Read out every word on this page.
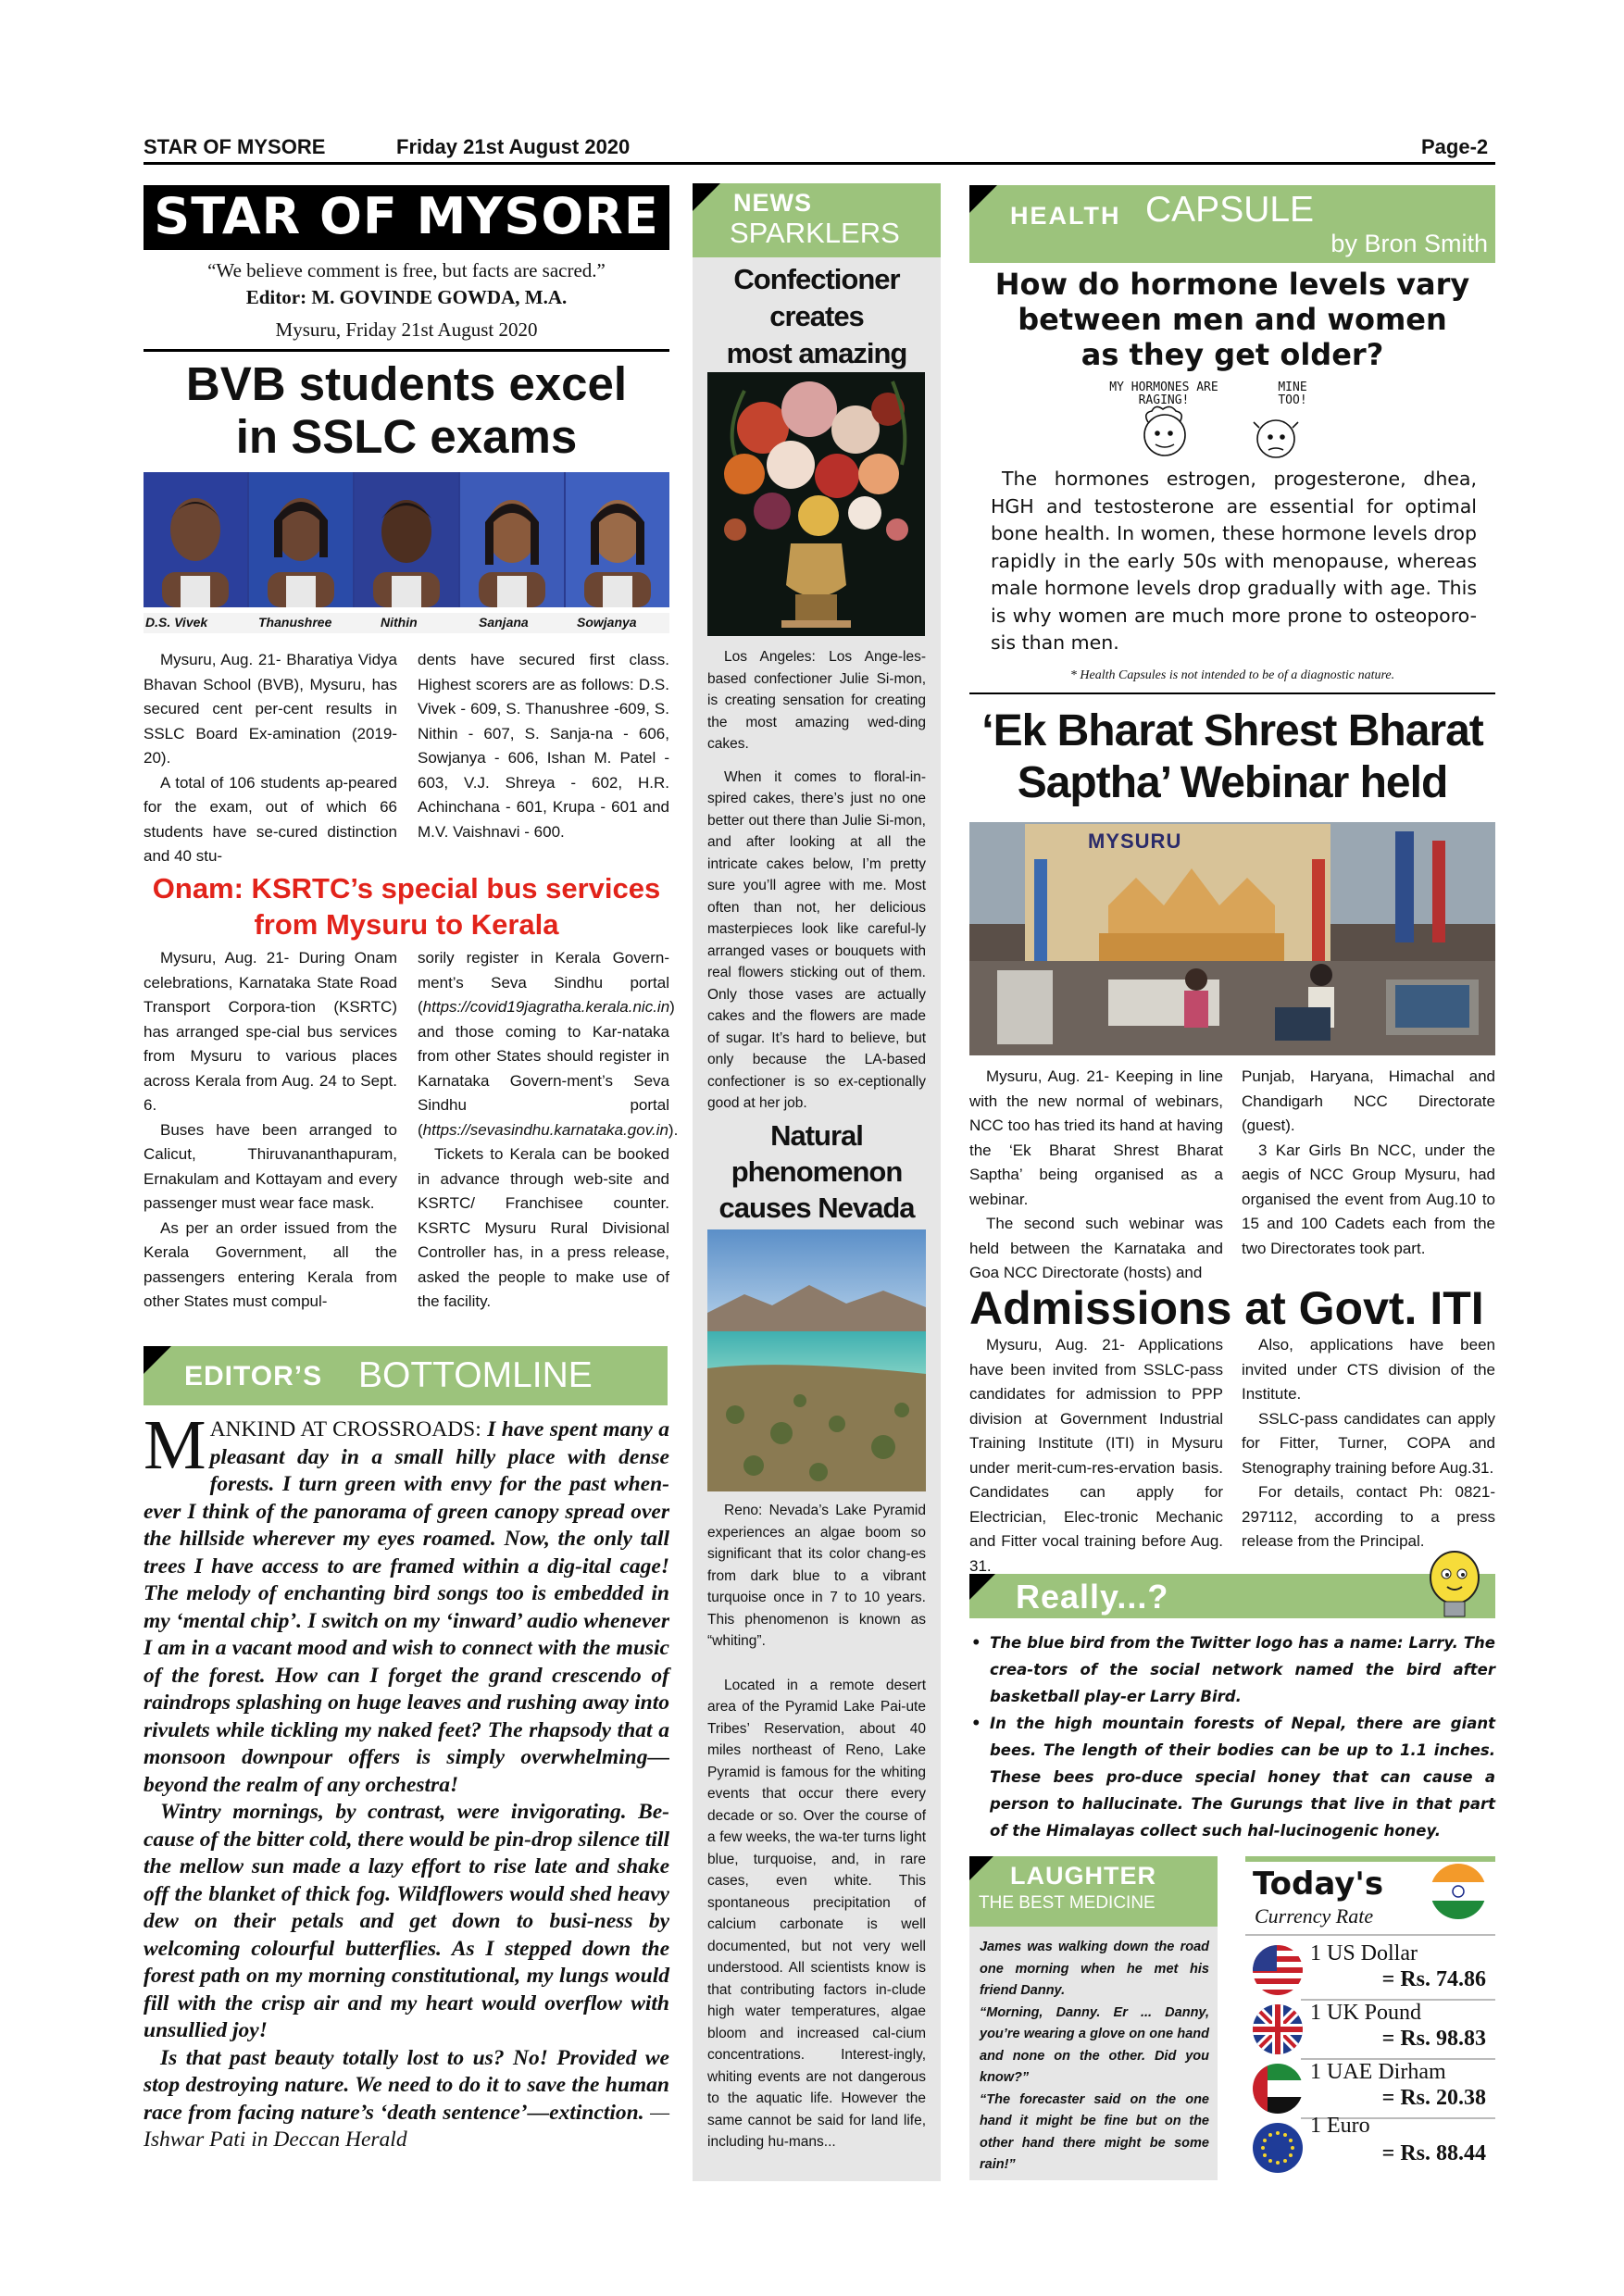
STAR OF MYSORE	Friday 21st August 2020	Page-2
STAR OF MYSORE
“We believe comment is free, but facts are sacred.”
Editor: M. GOVINDE GOWDA, M.A.
Mysuru, Friday 21st August 2020
BVB students excel
in SSLC exams
D.S. Vivek	Thanushree	Nithin	Sanjana	Sowjanya

Mysuru, Aug. 21- Bharatiya Vidya Bhavan School (BVB), Mysuru, has secured cent per-cent results in SSLC Board Ex-amination (2019-20).

A total of 106 students ap-peared for the exam, out of which 66 students have se-cured distinction and 40 stu-

dents have secured first class. Highest scorers are as follows: D.S. Vivek - 609, S. Thanushree -609, S. Nithin - 607, S. Sanja-na - 606, Sowjanya - 606, Ishan M. Patel - 603, V.J. Shreya - 602, H.R. Achinchana - 601, Krupa - 601 and M.V. Vaishnavi - 600.

Onam: KSRTC’s special bus services
from Mysuru to Kerala

Mysuru, Aug. 21- During Onam celebrations, Karnataka State Road Transport Corpora-tion (KSRTC) has arranged spe-cial bus services from Mysuru to various places across Kerala from Aug. 24 to Sept. 6.

Buses have been arranged to Calicut, Thiruvananthapuram, Ernakulam and Kottayam and every passenger must wear face mask.

As per an order issued from the Kerala Government, all the passengers entering Kerala from other States must compul-

sorily register in Kerala Govern-ment’s Seva Sindhu portal (https://covid19jagratha.kerala.nic.in) and those coming to Kar-nataka from other States should register in Karnataka Govern-ment’s Seva Sindhu portal (https://sevasindhu.karnataka.gov.in).

Tickets to Kerala can be booked in advance through web-site and KSRTC/ Franchisee counter. KSRTC Mysuru Rural Divisional Controller has, in a press release, asked the people to make use of the facility.

EDITOR’S BOTTOMLINE

MANKIND AT CROSSROADS: I have spent many a pleasant day in a small hilly place with dense forests. I turn green with envy for the past when-ever I think of the panorama of green canopy spread over the hillside wherever my eyes roamed. Now, the only tall trees I have access to are framed within a dig-ital cage! The melody of enchanting bird songs too is embedded in my ‘mental chip’. I switch on my ‘inward’ audio whenever I am in a vacant mood and wish to connect with the music of the forest. How can I forget the grand crescendo of raindrops splashing on huge leaves and rushing away into rivulets while tickling my naked feet? The rhapsody that a monsoon downpour offers is simply overwhelming—beyond the realm of any orchestra!

Wintry mornings, by contrast, were invigorating. Be-cause of the bitter cold, there would be pin-drop silence till the mellow sun made a lazy effort to rise late and shake off the blanket of thick fog. Wildflowers would shed heavy dew on their petals and get down to busi-ness by welcoming colourful butterflies. As I stepped down the forest path on my morning constitutional, my lungs would fill with the crisp air and my heart would overflow with unsullied joy!

Is that past beauty totally lost to us? No! Provided we stop destroying nature. We need to do it to save the human race from facing nature’s ‘death sentence’—extinction. — Ishwar Pati in Deccan Herald

NEWS
SPARKLERS
Confectioner creates
most amazing

Los Angeles: Los Ange-les-based confectioner Julie Si-mon, is creating sensation for creating the most amazing wed-ding cakes.

When it comes to floral-in-spired cakes, there’s just no one better out there than Julie Si-mon, and after looking at all the intricate cakes below, I’m pretty sure you’ll agree with me. Most often than not, her delicious masterpieces look like careful-ly arranged vases or bouquets with real flowers sticking out of them. Only those vases are actually cakes and the flowers are made of sugar. It’s hard to believe, but only because the LA-based confectioner is so ex-ceptionally good at her job.

Natural phenomenon
causes Nevada

Reno: Nevada’s Lake Pyramid experiences an algae boom so significant that its color chang-es from dark blue to a vibrant turquoise once in 7 to 10 years. This phenomenon is known as “whiting”.

Located in a remote desert area of the Pyramid Lake Pai-ute Tribes’ Reservation, about 40 miles northeast of Reno, Lake Pyramid is famous for the whiting events that occur there every decade or so. Over the course of a few weeks, the wa-ter turns light blue, turquoise, and, in rare cases, even white. This spontaneous precipitation of calcium carbonate is well documented, but not very well understood. All scientists know is that contributing factors in-clude high water temperatures, algae bloom and increased cal-cium concentrations. Interest-ingly, whiting events are not dangerous to the aquatic life. However the same cannot be said for land life, including hu-mans...

HEALTH CAPSULE
by Bron Smith
How do hormone levels vary
between men and women
as they get older?
MY HORMONES ARE RAGING!
MINE TOO!
The hormones estrogen, progesterone, dhea, HGH and testosterone are essential for optimal bone health. In women, these hormone levels drop rapidly in the early 50s with menopause, whereas male hormone levels drop gradually with age. This is why women are much more prone to osteoporo-sis than men.
* Health Capsules is not intended to be of a diagnostic nature.
‘Ek Bharat Shrest Bharat
Saptha’ Webinar held
MYSURU

Mysuru, Aug. 21- Keeping in line with the new normal of webinars, NCC too has tried its hand at having the ‘Ek Bharat Shrest Bharat Saptha’ being organised as a webinar.

The second such webinar was held between the Karnataka and Goa NCC Directorate (hosts) and

Punjab, Haryana, Himachal and Chandigarh NCC Directorate (guest).

3 Kar Girls Bn NCC, under the aegis of NCC Group Mysuru, had organised the event from Aug.10 to 15 and 100 Cadets each from the two Directorates took part.

Admissions at Govt. ITI

Mysuru, Aug. 21- Applications have been invited from SSLC-pass candidates for admission to PPP division at Government Industrial Training Institute (ITI) in Mysuru under merit-cum-res-ervation basis. Candidates can apply for Electrician, Elec-tronic Mechanic and Fitter vocal training before Aug. 31.

Also, applications have been invited under CTS division of the Institute.

SSLC-pass candidates can apply for Fitter, Turner, COPA and Stenography training before Aug.31.

For details, contact Ph: 0821-297112, according to a press release from the Principal.

Really...?
• The blue bird from the Twitter logo has a name: Larry. The crea-tors of the social network named the bird after basketball play-er Larry Bird.
• In the high mountain forests of Nepal, there are giant bees. The length of their bodies can be up to 1.1 inches. These bees pro-duce special honey that can cause a person to hallucinate. The Gurungs that live in that part of the Himalayas collect such hal-lucinogenic honey.
LAUGHTER
THE BEST MEDICINE

James was walking down the road one morning when he met his friend Danny.

“Morning, Danny. Er ... Danny, you’re wearing a glove on one hand and none on the other. Did you know?”

“The forecaster said on the one hand it might be fine but on the other hand there might be some rain!”

Today's
Currency Rate
1 US Dollar
= Rs. 74.86
1 UK Pound
= Rs. 98.83
1 UAE Dirham
= Rs. 20.38
1 Euro
= Rs. 88.44
